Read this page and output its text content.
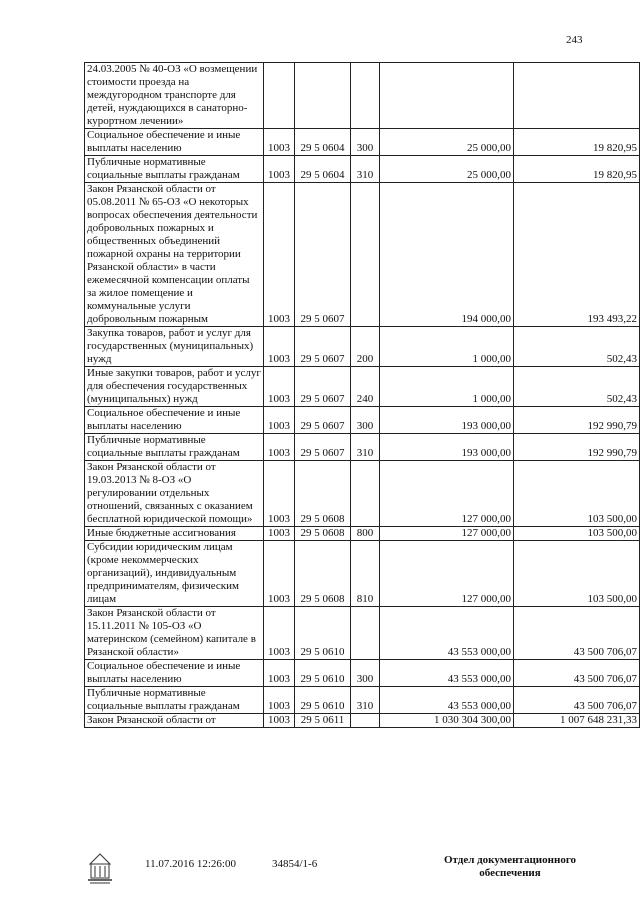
243
24.03.2005 № 40-ОЗ «О возмещении стоимости проезда на междугородном транспорте для детей, нуждающихся в санаторно-курортном лечении»					
Социальное обеспечение и иные выплаты населению	1003	29 5 0604	300	25 000,00	19 820,95
Публичные нормативные социальные выплаты гражданам	1003	29 5 0604	310	25 000,00	19 820,95
Закон Рязанской области от 05.08.2011 № 65-ОЗ «О некоторых вопросах обеспечения деятельности добровольных пожарных и общественных объединений пожарной охраны на территории Рязанской области» в части ежемесячной компенсации оплаты за жилое помещение и коммунальные услуги добровольным пожарным	1003	29 5 0607		194 000,00	193 493,22
Закупка товаров, работ и услуг для государственных (муниципальных) нужд	1003	29 5 0607	200	1 000,00	502,43
Иные закупки товаров, работ и услуг для обеспечения государственных (муниципальных) нужд	1003	29 5 0607	240	1 000,00	502,43
Социальное обеспечение и иные выплаты населению	1003	29 5 0607	300	193 000,00	192 990,79
Публичные нормативные социальные выплаты гражданам	1003	29 5 0607	310	193 000,00	192 990,79
Закон Рязанской области от 19.03.2013 № 8-ОЗ «О регулировании отдельных отношений, связанных с оказанием бесплатной юридической помощи»	1003	29 5 0608		127 000,00	103 500,00
Иные бюджетные ассигнования	1003	29 5 0608	800	127 000,00	103 500,00
Субсидии юридическим лицам (кроме некоммерческих организаций), индивидуальным предпринимателям, физическим лицам	1003	29 5 0608	810	127 000,00	103 500,00
Закон Рязанской области от 15.11.2011 № 105-ОЗ «О материнском (семейном) капитале в Рязанской области»	1003	29 5 0610		43 553 000,00	43 500 706,07
Социальное обеспечение и иные выплаты населению	1003	29 5 0610	300	43 553 000,00	43 500 706,07
Публичные нормативные социальные выплаты гражданам	1003	29 5 0610	310	43 553 000,00	43 500 706,07
Закон Рязанской области от	1003	29 5 0611		1 030 304 300,00	1 007 648 231,33
11.07.2016 12:26:00	34854/1-6	Отдел документационного обеспечения
